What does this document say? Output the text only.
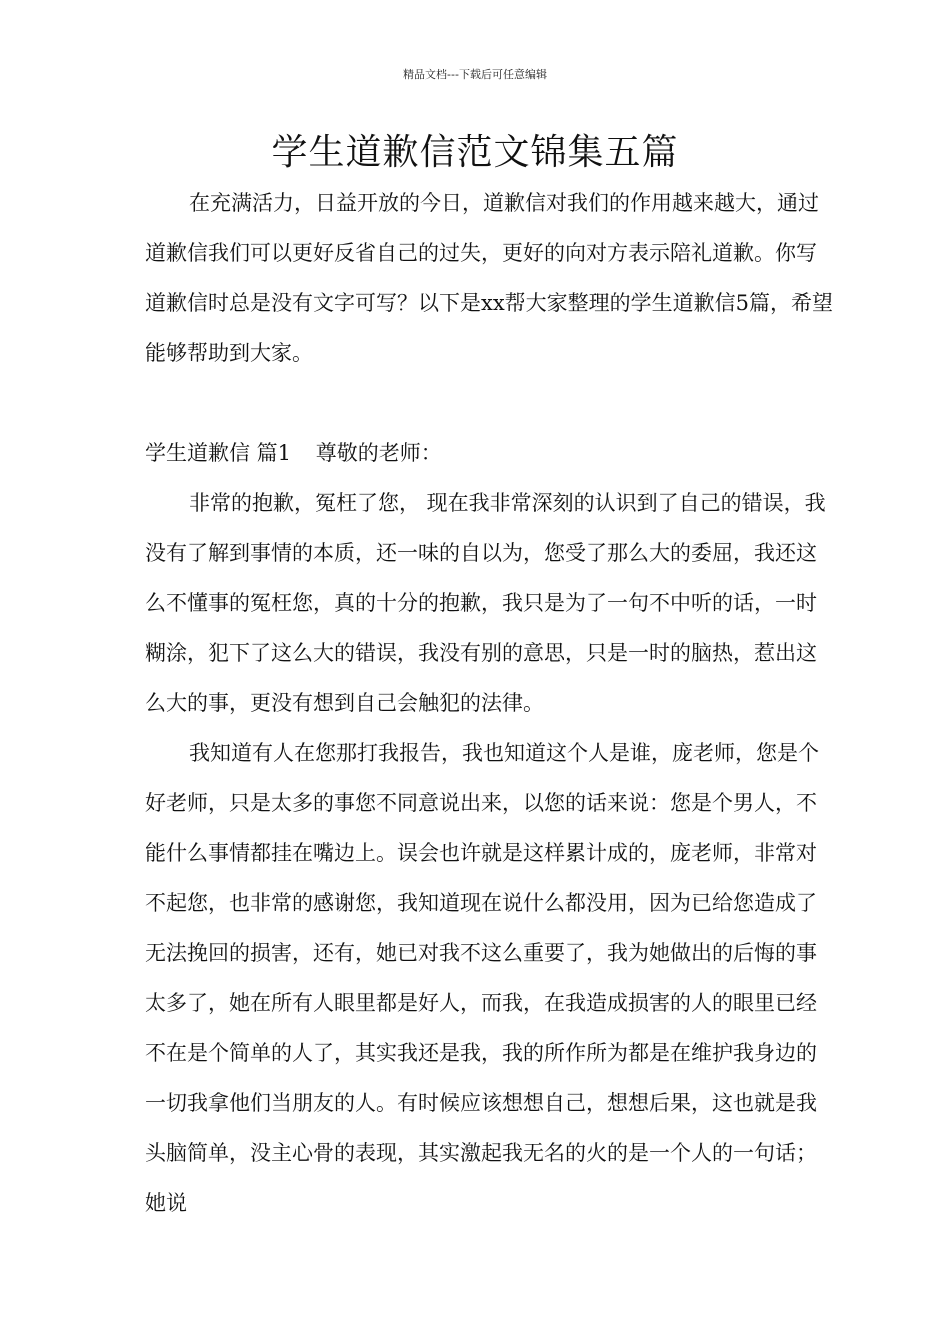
精品文档---下载后可任意编辑
学生道歉信范文锦集五篇

在充满活力，日益开放的今日，道歉信对我们的作用越来越大，通过道歉信我们可以更好反省自己的过失，更好的向对方表示陪礼道歉。你写道歉信时总是没有文字可写？以下是xx帮大家整理的学生道歉信5篇，希望能够帮助到大家。

学生道歉信 篇1 尊敬的老师：

非常的抱歉，冤枉了您， 现在我非常深刻的认识到了自己的错误，我没有了解到事情的本质，还一味的自以为，您受了那么大的委屈，我还这么不懂事的冤枉您，真的十分的抱歉，我只是为了一句不中听的话，一时糊涂，犯下了这么大的错误，我没有别的意思，只是一时的脑热，惹出这么大的事，更没有想到自己会触犯的法律。

我知道有人在您那打我报告，我也知道这个人是谁，庞老师，您是个好老师，只是太多的事您不同意说出来，以您的话来说：您是个男人，不能什么事情都挂在嘴边上。误会也许就是这样累计成的，庞老师，非常对不起您，也非常的感谢您，我知道现在说什么都没用，因为已给您造成了无法挽回的损害，还有，她已对我不这么重要了，我为她做出的后悔的事太多了，她在所有人眼里都是好人，而我，在我造成损害的人的眼里已经不在是个简单的人了，其实我还是我，我的所作所为都是在维护我身边的一切我拿他们当朋友的人。有时候应该想想自己，想想后果，这也就是我头脑简单，没主心骨的表现，其实激起我无名的火的是一个人的一句话；她说
